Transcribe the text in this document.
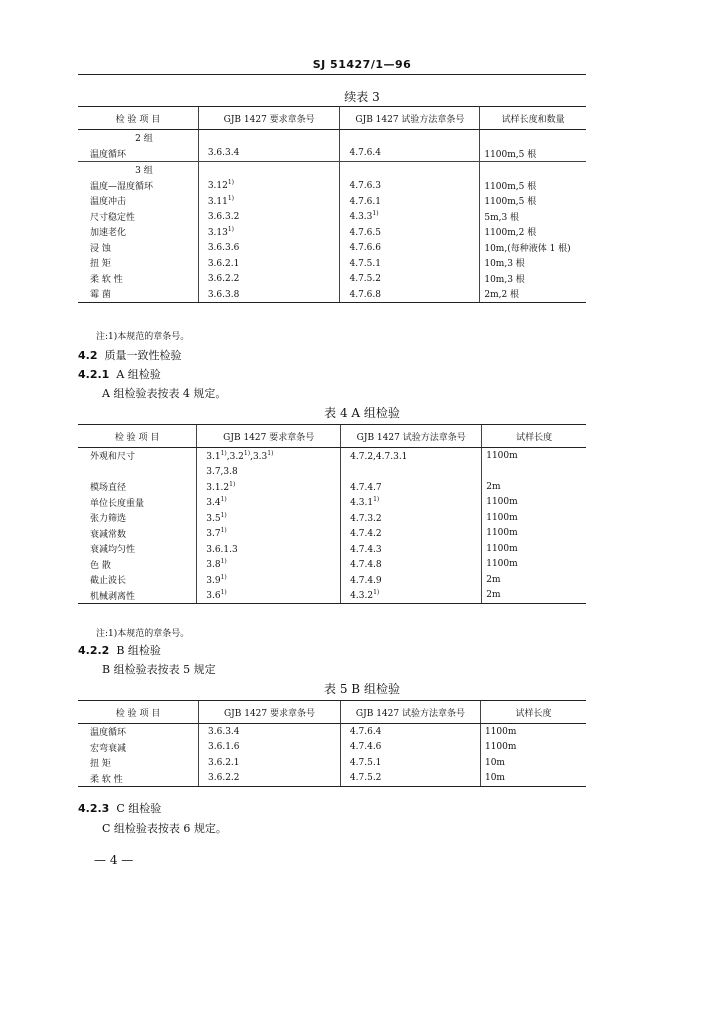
SJ 51427/1—96
续表 3
检 验 项 目	GJB 1427 要求章条号	GJB 1427 试验方法章条号	试样长度和数量
2 组			
温度循环	3.6.3.4	4.7.6.4	1100m,5 根
3 组			
温度—湿度循环	3.12$^{1)}$	4.7.6.3	1100m,5 根
温度冲击	3.11$^{1)}$	4.7.6.1	1100m,5 根
尺寸稳定性	3.6.3.2	4.3.3$^{1)}$	5m,3 根
加速老化	3.13$^{1)}$	4.7.6.5	1100m,2 根
浸 蚀	3.6.3.6	4.7.6.6	10m,(每种液体 1 根)
扭 矩	3.6.2.1	4.7.5.1	10m,3 根
柔 软 性	3.6.2.2	4.7.5.2	10m,3 根
霉 菌	3.6.3.8	4.7.6.8	2m,2 根
注:1)本规范的章条号。
4.2 质量一致性检验
4.2.1 A 组检验
A 组检验表按表 4 规定。
表 4 A 组检验
检 验 项 目	GJB 1427 要求章条号	GJB 1427 试验方法章条号	试样长度
外观和尺寸	3.1$^{1)}$,3.2$^{1)}$,3.3$^{1)}$	4.7.2,4.7.3.1	1100m
	3.7,3.8		
模场直径	3.1.2$^{1)}$	4.7.4.7	2m
单位长度重量	3.4$^{1)}$	4.3.1$^{1)}$	1100m
张力筛选	3.5$^{1)}$	4.7.3.2	1100m
衰减常数	3.7$^{1)}$	4.7.4.2	1100m
衰减均匀性	3.6.1.3	4.7.4.3	1100m
色 散	3.8$^{1)}$	4.7.4.8	1100m
截止波长	3.9$^{1)}$	4.7.4.9	2m
机械剥离性	3.6$^{1)}$	4.3.2$^{1)}$	2m
注:1)本规范的章条号。
4.2.2 B 组检验
B 组检验表按表 5 规定
表 5 B 组检验
检 验 项 目	GJB 1427 要求章条号	GJB 1427 试验方法章条号	试样长度
温度循环	3.6.3.4	4.7.6.4	1100m
宏弯衰减	3.6.1.6	4.7.4.6	1100m
扭 矩	3.6.2.1	4.7.5.1	10m
柔 软 性	3.6.2.2	4.7.5.2	10m
4.2.3 C 组检验
C 组检验表按表 6 规定。
— 4 —
